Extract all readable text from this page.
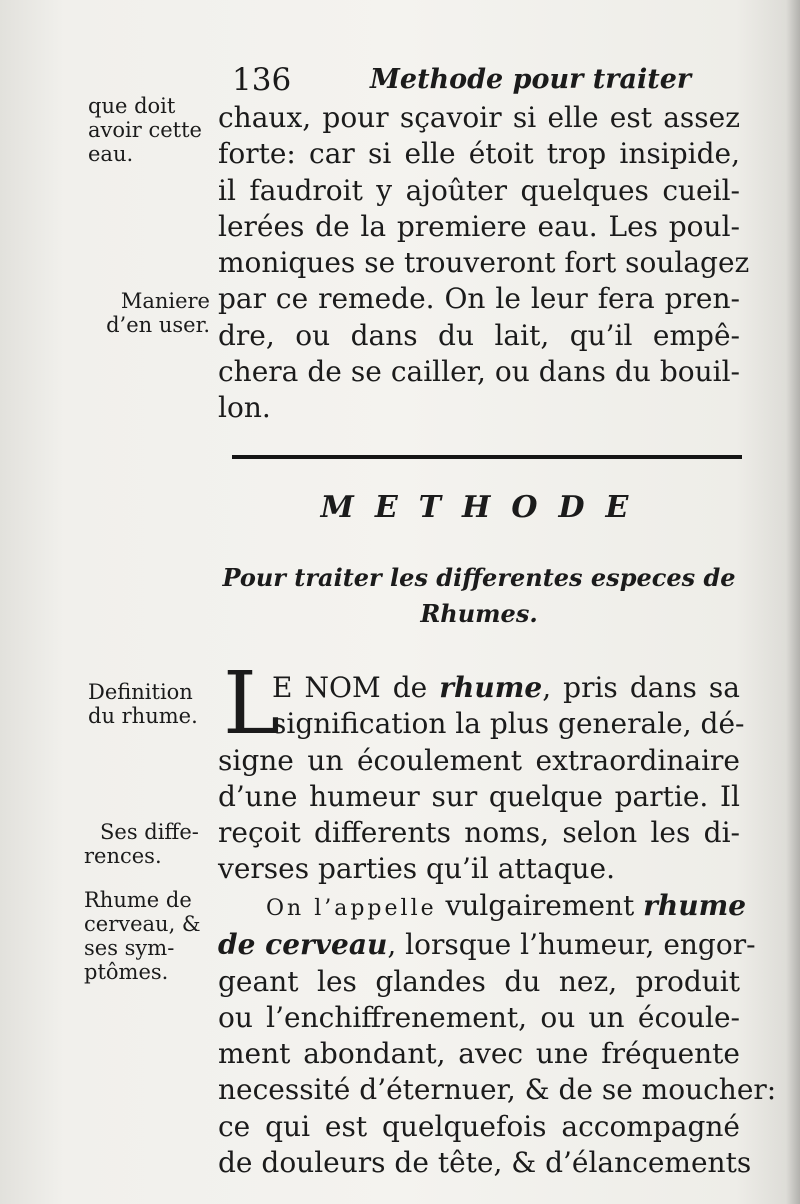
136	Methode pour traiter
que doit
avoir cette
eau.
Maniere
d’en user.
Definition
du rhume.
Ses diffe-
rences.
Rhume de
cerveau, &
ses sym-
ptômes.
chaux, pour sçavoir si elle est assez
forte: car si elle étoit trop insipide,
il faudroit y ajoûter quelques cueil-
lerées de la premiere eau. Les poul-
moniques se trouveront fort soulagez
par ce remede. On le leur fera pren-
dre, ou dans du lait, qu’il empê-
chera de se cailler, ou dans du bouil-
lon.
METHODE
Pour traiter les differentes especes de
Rhumes.
L
E NOM de rhume, pris dans sa
signification la plus generale, dé-
signe un écoulement extraordinaire
d’une humeur sur quelque partie. Il
reçoit differents noms, selon les di-
verses parties qu’il attaque.
On l’appelle vulgairement rhume
de cerveau, lorsque l’humeur, engor-
geant les glandes du nez, produit
ou l’enchiffrenement, ou un écoule-
ment abondant, avec une fréquente
necessité d’éternuer, & de se moucher:
ce qui est quelquefois accompagné
de douleurs de tête, & d’élancements
